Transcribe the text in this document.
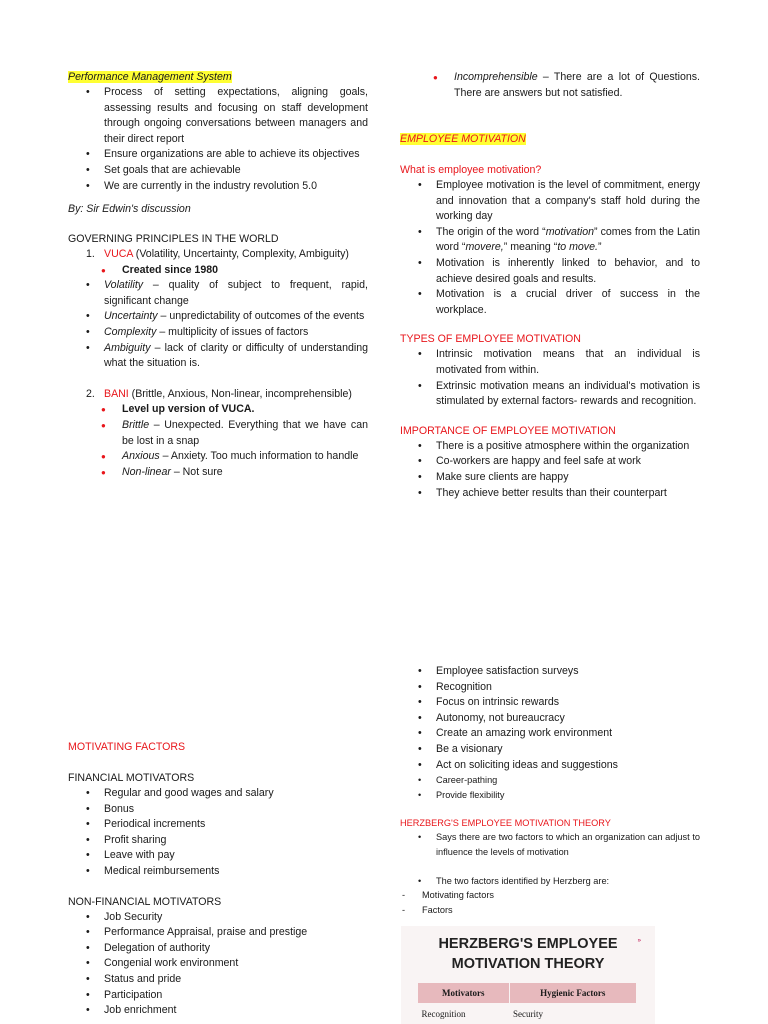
Performance Management System
• Process of setting expectations, aligning goals, assessing results and focusing on staff development through ongoing conversations between managers and their direct report
• Ensure organizations are able to achieve its objectives
• Set goals that are achievable
• We are currently in the industry revolution 5.0
By: Sir Edwin's discussion
GOVERNING PRINCIPLES IN THE WORLD
1. VUCA (Volatility, Uncertainty, Complexity, Ambiguity)
● Created since 1980
• Volatility – quality of subject to frequent, rapid, significant change
• Uncertainty – unpredictability of outcomes of the events
• Complexity – multiplicity of issues of factors
• Ambiguity – lack of clarity or difficulty of understanding what the situation is.
2. BANI (Brittle, Anxious, Non-linear, incomprehensible)
● Level up version of VUCA.
● Brittle – Unexpected. Everything that we have can be lost in a snap
● Anxious – Anxiety. Too much information to handle
● Non-linear – Not sure
MOTIVATING FACTORS
FINANCIAL MOTIVATORS
• Regular and good wages and salary
• Bonus
• Periodical increments
• Profit sharing
• Leave with pay
• Medical reimbursements
NON-FINANCIAL MOTIVATORS
• Job Security
• Performance Appraisal, praise and prestige
• Delegation of authority
• Congenial work environment
• Status and pride
• Participation
• Job enrichment
● Incomprehensible – There are a lot of Questions. There are answers but not satisfied.
EMPLOYEE MOTIVATION
What is employee motivation?
• Employee motivation is the level of commitment, energy and innovation that a company's staff hold during the working day
• The origin of the word “motivation” comes from the Latin word “movere,” meaning “to move.”
• Motivation is inherently linked to behavior, and to achieve desired goals and results.
• Motivation is a crucial driver of success in the workplace.
TYPES OF EMPLOYEE MOTIVATION
• Intrinsic motivation means that an individual is motivated from within.
• Extrinsic motivation means an individual's motivation is stimulated by external factors- rewards and recognition.
IMPORTANCE OF EMPLOYEE MOTIVATION
• There is a positive atmosphere within the organization
• Co-workers are happy and feel safe at work
• Make sure clients are happy
• They achieve better results than their counterpart
• Employee satisfaction surveys
• Recognition
• Focus on intrinsic rewards
• Autonomy, not bureaucracy
• Create an amazing work environment
• Be a visionary
• Act on soliciting ideas and suggestions
• Career-pathing
• Provide flexibility
HERZBERG'S EMPLOYEE MOTIVATION THEORY
• Says there are two factors to which an organization can adjust to influence the levels of motivation
• The two factors identified by Herzberg are:
- Motivating factors
- Factors
HERZBERG'S EMPLOYEE
MOTIVATION THEORY
»
Motivators	Hygienic Factors
Recognition	Security
